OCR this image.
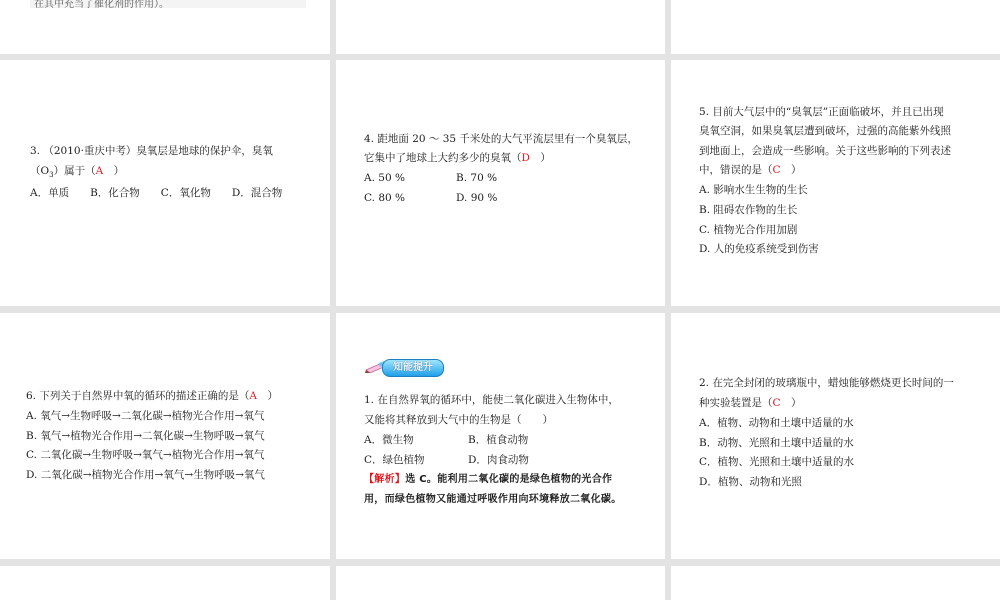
在其中充当了催化剂的作用）。
3. （2010·重庆中考）臭氧层是地球的保护伞，臭氧
$(O_3)$属于（A　 ）
A．单质　　B．化合物　　C．氧化物　　D．混合物
4. 距地面 20 ～ 35 千米处的大气平流层里有一个臭氧层，
它集中了地球上大约多少的臭氧（D　 ）
A. 50 %	B. 70 %
C. 80 %	D. 90 %
5. 目前大气层中的“臭氧层”正面临破坏，并且已出现
臭氧空洞，如果臭氧层遭到破坏，过强的高能紫外线照
到地面上，会造成一些影响。关于这些影响的下列表述
中，错误的是（C　 ）
A. 影响水生生物的生长
B. 阻碍农作物的生长
C. 植物光合作用加剧
D. 人的免疫系统受到伤害
6. 下列关于自然界中氧的循环的描述正确的是（A　 ）
A. 氧气→生物呼吸→二氧化碳→植物光合作用→氧气
B. 氧气→植物光合作用→二氧化碳→生物呼吸→氧气
C. 二氧化碳→生物呼吸→氧气→植物光合作用→氧气
D. 二氧化碳→植物光合作用→氧气→生物呼吸→氧气
知能提升
1. 在自然界氧的循环中，能使二氧化碳进入生物体中，
又能将其释放到大气中的生物是（　　）
A．微生物	B．植食动物
C．绿色植物	D．肉食动物
【解析】选 C。能利用二氧化碳的是绿色植物的光合作
用，而绿色植物又能通过呼吸作用向环境释放二氧化碳。
2. 在完全封闭的玻璃瓶中，蜡烛能够燃烧更长时间的一
种实验装置是（C　 ）
A．植物、动物和土壤中适量的水
B．动物、光照和土壤中适量的水
C．植物、光照和土壤中适量的水
D．植物、动物和光照
